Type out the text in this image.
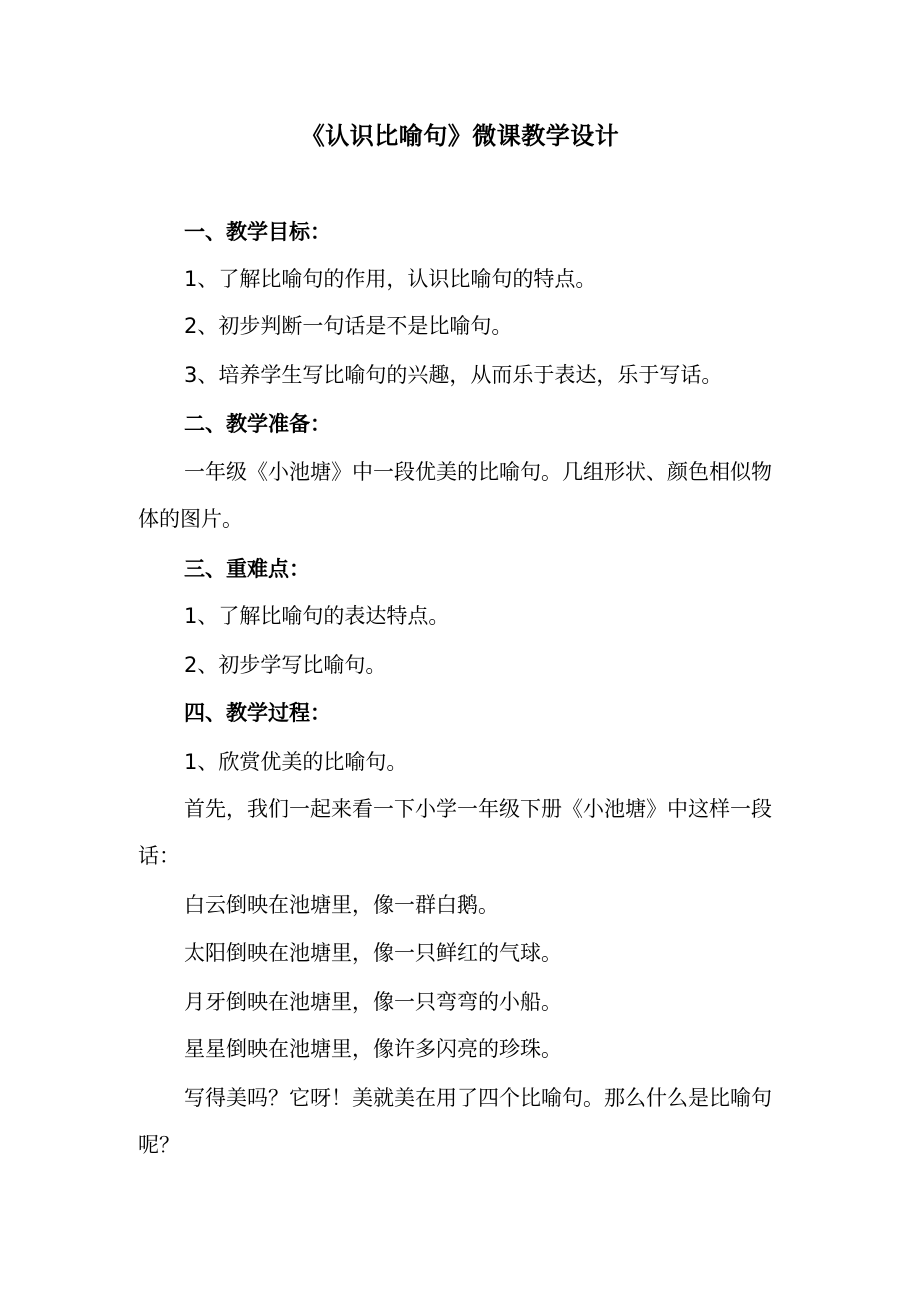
《认识比喻句》微课教学设计
一、教学目标：
1、了解比喻句的作用，认识比喻句的特点。
2、初步判断一句话是不是比喻句。
3、培养学生写比喻句的兴趣，从而乐于表达，乐于写话。
二、教学准备：
一年级《小池塘》中一段优美的比喻句。几组形状、颜色相似物体的图片。
三、重难点：
1、了解比喻句的表达特点。
2、初步学写比喻句。
四、教学过程：
1、欣赏优美的比喻句。
首先，我们一起来看一下小学一年级下册《小池塘》中这样一段话：
白云倒映在池塘里，像一群白鹅。
太阳倒映在池塘里，像一只鲜红的气球。
月牙倒映在池塘里，像一只弯弯的小船。
星星倒映在池塘里，像许多闪亮的珍珠。
写得美吗？它呀！美就美在用了四个比喻句。那么什么是比喻句呢？
